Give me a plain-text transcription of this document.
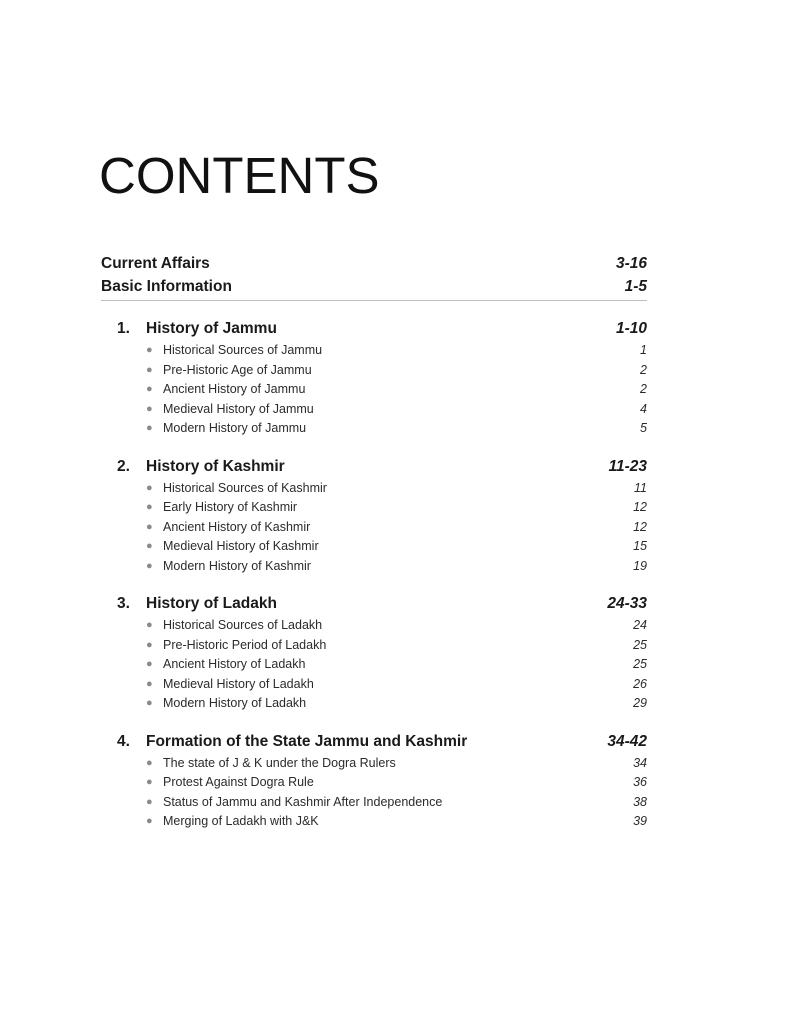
CONTENTS
Current Affairs	3-16
Basic Information	1-5
1.	History of Jammu	1-10
● Historical Sources of Jammu	1
● Pre-Historic Age of Jammu	2
● Ancient History of Jammu	2
● Medieval History of Jammu	4
● Modern History of Jammu	5
2.	History of Kashmir	11-23
● Historical Sources of Kashmir	11
● Early History of Kashmir	12
● Ancient History of Kashmir	12
● Medieval History of Kashmir	15
● Modern History of Kashmir	19
3.	History of Ladakh	24-33
● Historical Sources of Ladakh	24
● Pre-Historic Period of Ladakh	25
● Ancient History of Ladakh	25
● Medieval History of Ladakh	26
● Modern History of Ladakh	29
4.	Formation of the State Jammu and Kashmir	34-42
● The state of J & K under the Dogra Rulers	34
● Protest Against Dogra Rule	36
● Status of Jammu and Kashmir After Independence	38
● Merging of Ladakh with J&K	39
